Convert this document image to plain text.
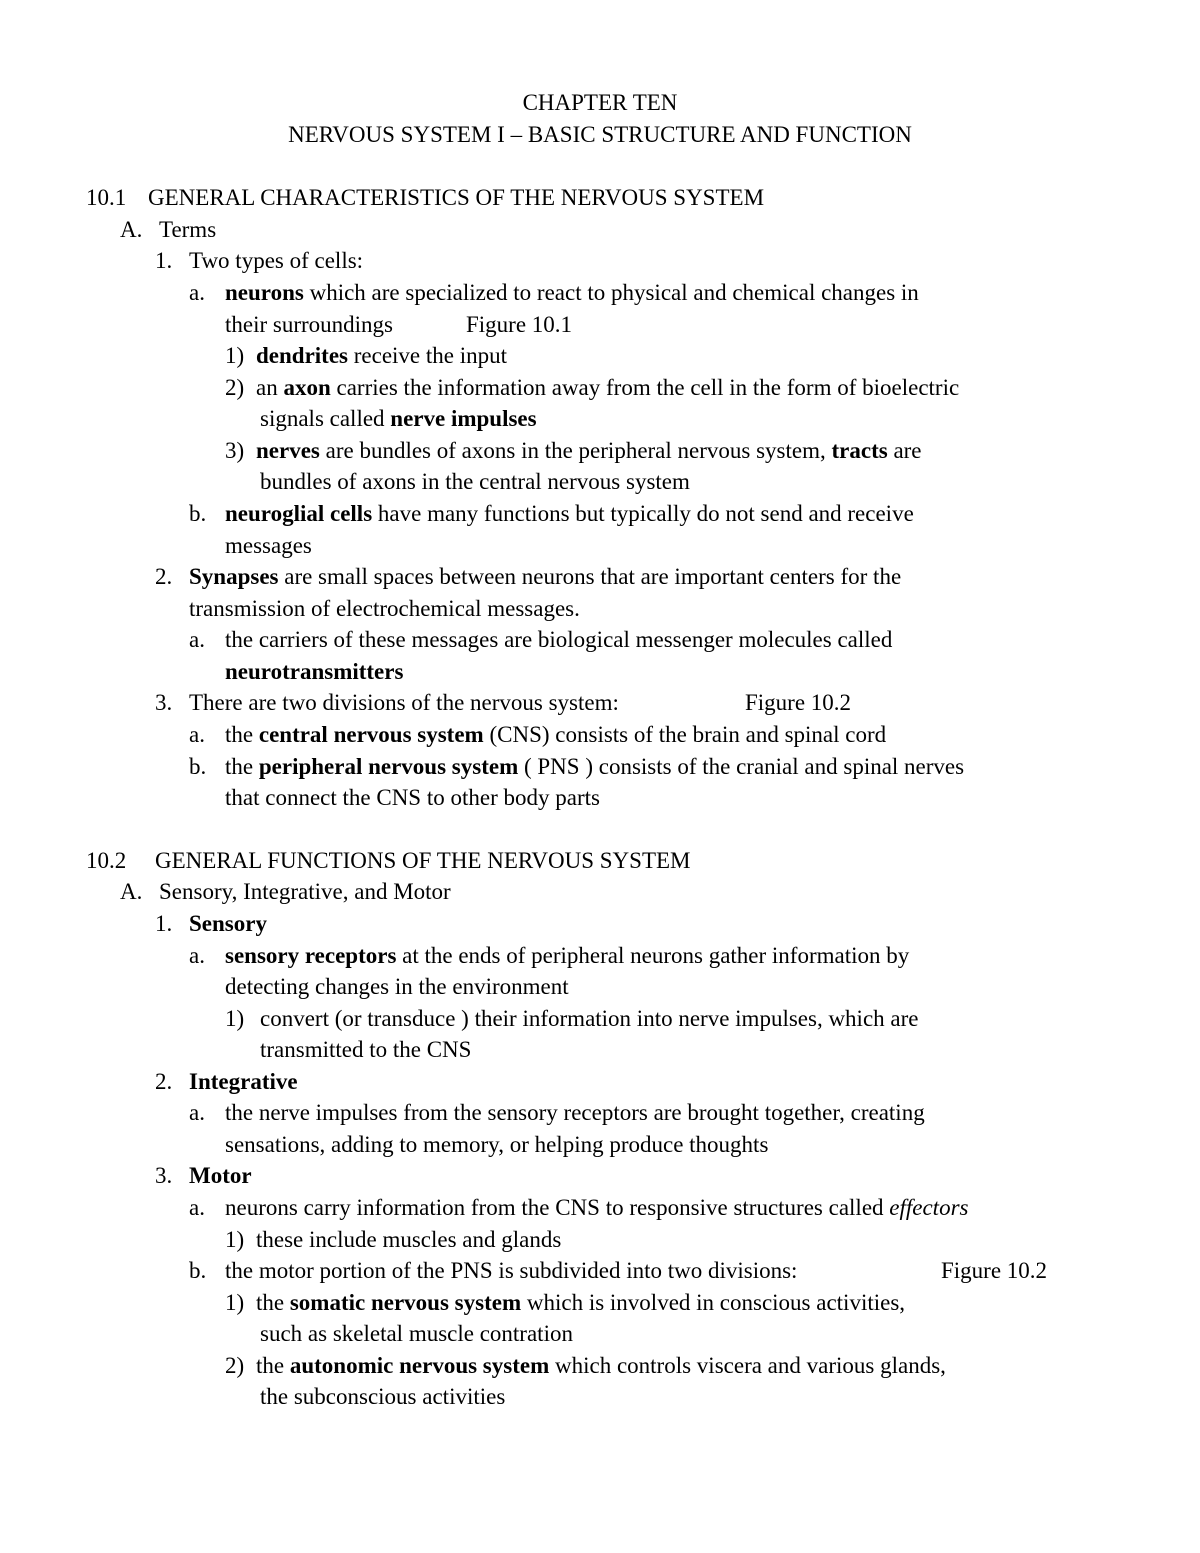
CHAPTER TEN
NERVOUS SYSTEM I – BASIC STRUCTURE AND FUNCTION
10.1 GENERAL CHARACTERISTICS OF THE NERVOUS SYSTEM
A. Terms
1. Two types of cells:
a. neurons which are specialized to react to physical and chemical changes in
their surroundings	Figure 10.1
1) dendrites receive the input
2) an axon carries the information away from the cell in the form of bioelectric
signals called nerve impulses
3) nerves are bundles of axons in the peripheral nervous system, tracts are
bundles of axons in the central nervous system
b. neuroglial cells have many functions but typically do not send and receive
messages
2. Synapses are small spaces between neurons that are important centers for the
transmission of electrochemical messages.
a. the carriers of these messages are biological messenger molecules called
neurotransmitters
3. There are two divisions of the nervous system:	Figure 10.2
a. the central nervous system (CNS) consists of the brain and spinal cord
b. the peripheral nervous system ( PNS ) consists of the cranial and spinal nerves
that connect the CNS to other body parts
10.2 GENERAL FUNCTIONS OF THE NERVOUS SYSTEM
A. Sensory, Integrative, and Motor
1. Sensory
a. sensory receptors at the ends of peripheral neurons gather information by
detecting changes in the environment
1) convert (or transduce ) their information into nerve impulses, which are
transmitted to the CNS
2. Integrative
a. the nerve impulses from the sensory receptors are brought together, creating
sensations, adding to memory, or helping produce thoughts
3. Motor
a. neurons carry information from the CNS to responsive structures called effectors
1) these include muscles and glands
b. the motor portion of the PNS is subdivided into two divisions:	Figure 10.2
1) the somatic nervous system which is involved in conscious activities,
such as skeletal muscle contration
2) the autonomic nervous system which controls viscera and various glands,
the subconscious activities
